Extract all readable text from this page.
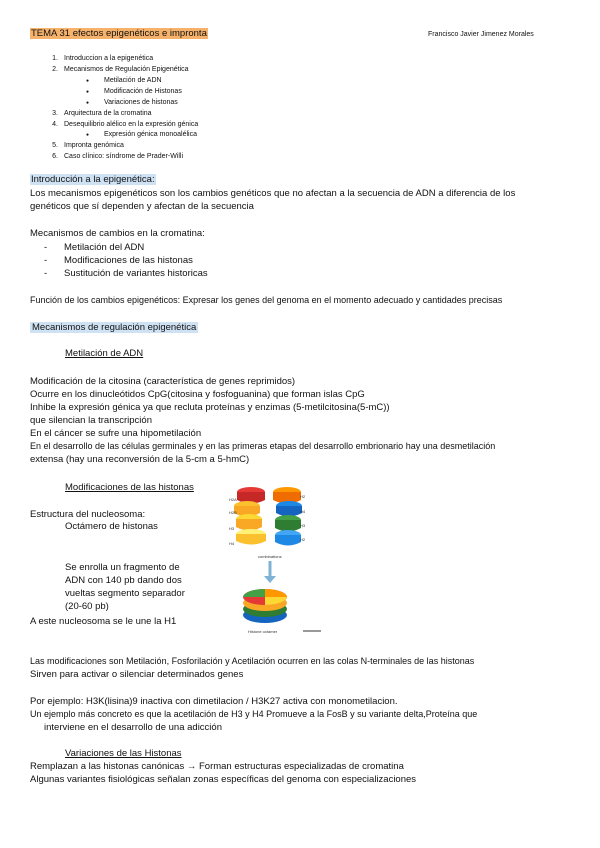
TEMA 31 efectos epigenéticos e impronta	Francisco Javier Jimenez Morales
1. Introduccion a la epigenética
2. Mecanismos de Regulación Epigenética
● Metilación de ADN
● Modificación de Histonas
● Variaciones de histonas
3. Arquitectura de la cromatina
4. Desequilibrio alélico en la expresión génica
● Expresión génica monoalélica
5. Impronta genómica
6. Caso clínico: síndrome de Prader-Willi
Introducción a la epigenética:
Los mecanismos epigenéticos son los cambios genéticos que no afectan a la secuencia de ADN a diferencia de los
genéticos que sí dependen y afectan de la secuencia
Mecanismos de cambios en la cromatina:
- Metilación del ADN
- Modificaciones de las histonas
- Sustitución de variantes historicas
Función de los cambios epigenéticos: Expresar los genes del genoma en el momento adecuado y cantidades precisas
Mecanismos de regulación epigenética
Metilación de ADN
Modificación de la citosina (característica de genes reprimidos)
Ocurre en los dinucleótidos CpG(citosina y fosfoguanina) que forman islas CpG
Inhibe la expresión génica ya que recluta proteínas y enzimas (5-metilcitosina(5-mC))
que silencian la transcripción
En el cáncer se sufre una hipometilación
En el desarrollo de las células germinales y en las primeras etapas del desarrollo embrionario hay una desmetilación
extensa (hay una reconversión de la 5-cm a 5-hmC)
Modificaciones de las histonas
Estructura del nucleosoma:
Octámero de histonas
Se enrolla un fragmento de
ADN con 140 pb dando dos
vueltas segmento separador
(20-60 pb)
A este nucleosoma se le une la H1
H2A
H2B
H3
H4
H2
H4
H3
H2
combinations
Histone octamer
Las modificaciones son Metilación, Fosforilación y Acetilación ocurren en las colas N-terminales de las histonas
Sirven para activar o silenciar determinados genes
Por ejemplo: H3K(lisina)9 inactiva con dimetilacion / H3K27 activa con monometilacion.
Un ejemplo más concreto es que la acetilación de H3 y H4 Promueve a la FosB y su variante delta,Proteína que
interviene en el desarrollo de una adicción
Variaciones de las Histonas
Remplazan a las histonas canónicas → Forman estructuras especializadas de cromatina
Algunas variantes fisiológicas señalan zonas específicas del genoma con especializaciones
